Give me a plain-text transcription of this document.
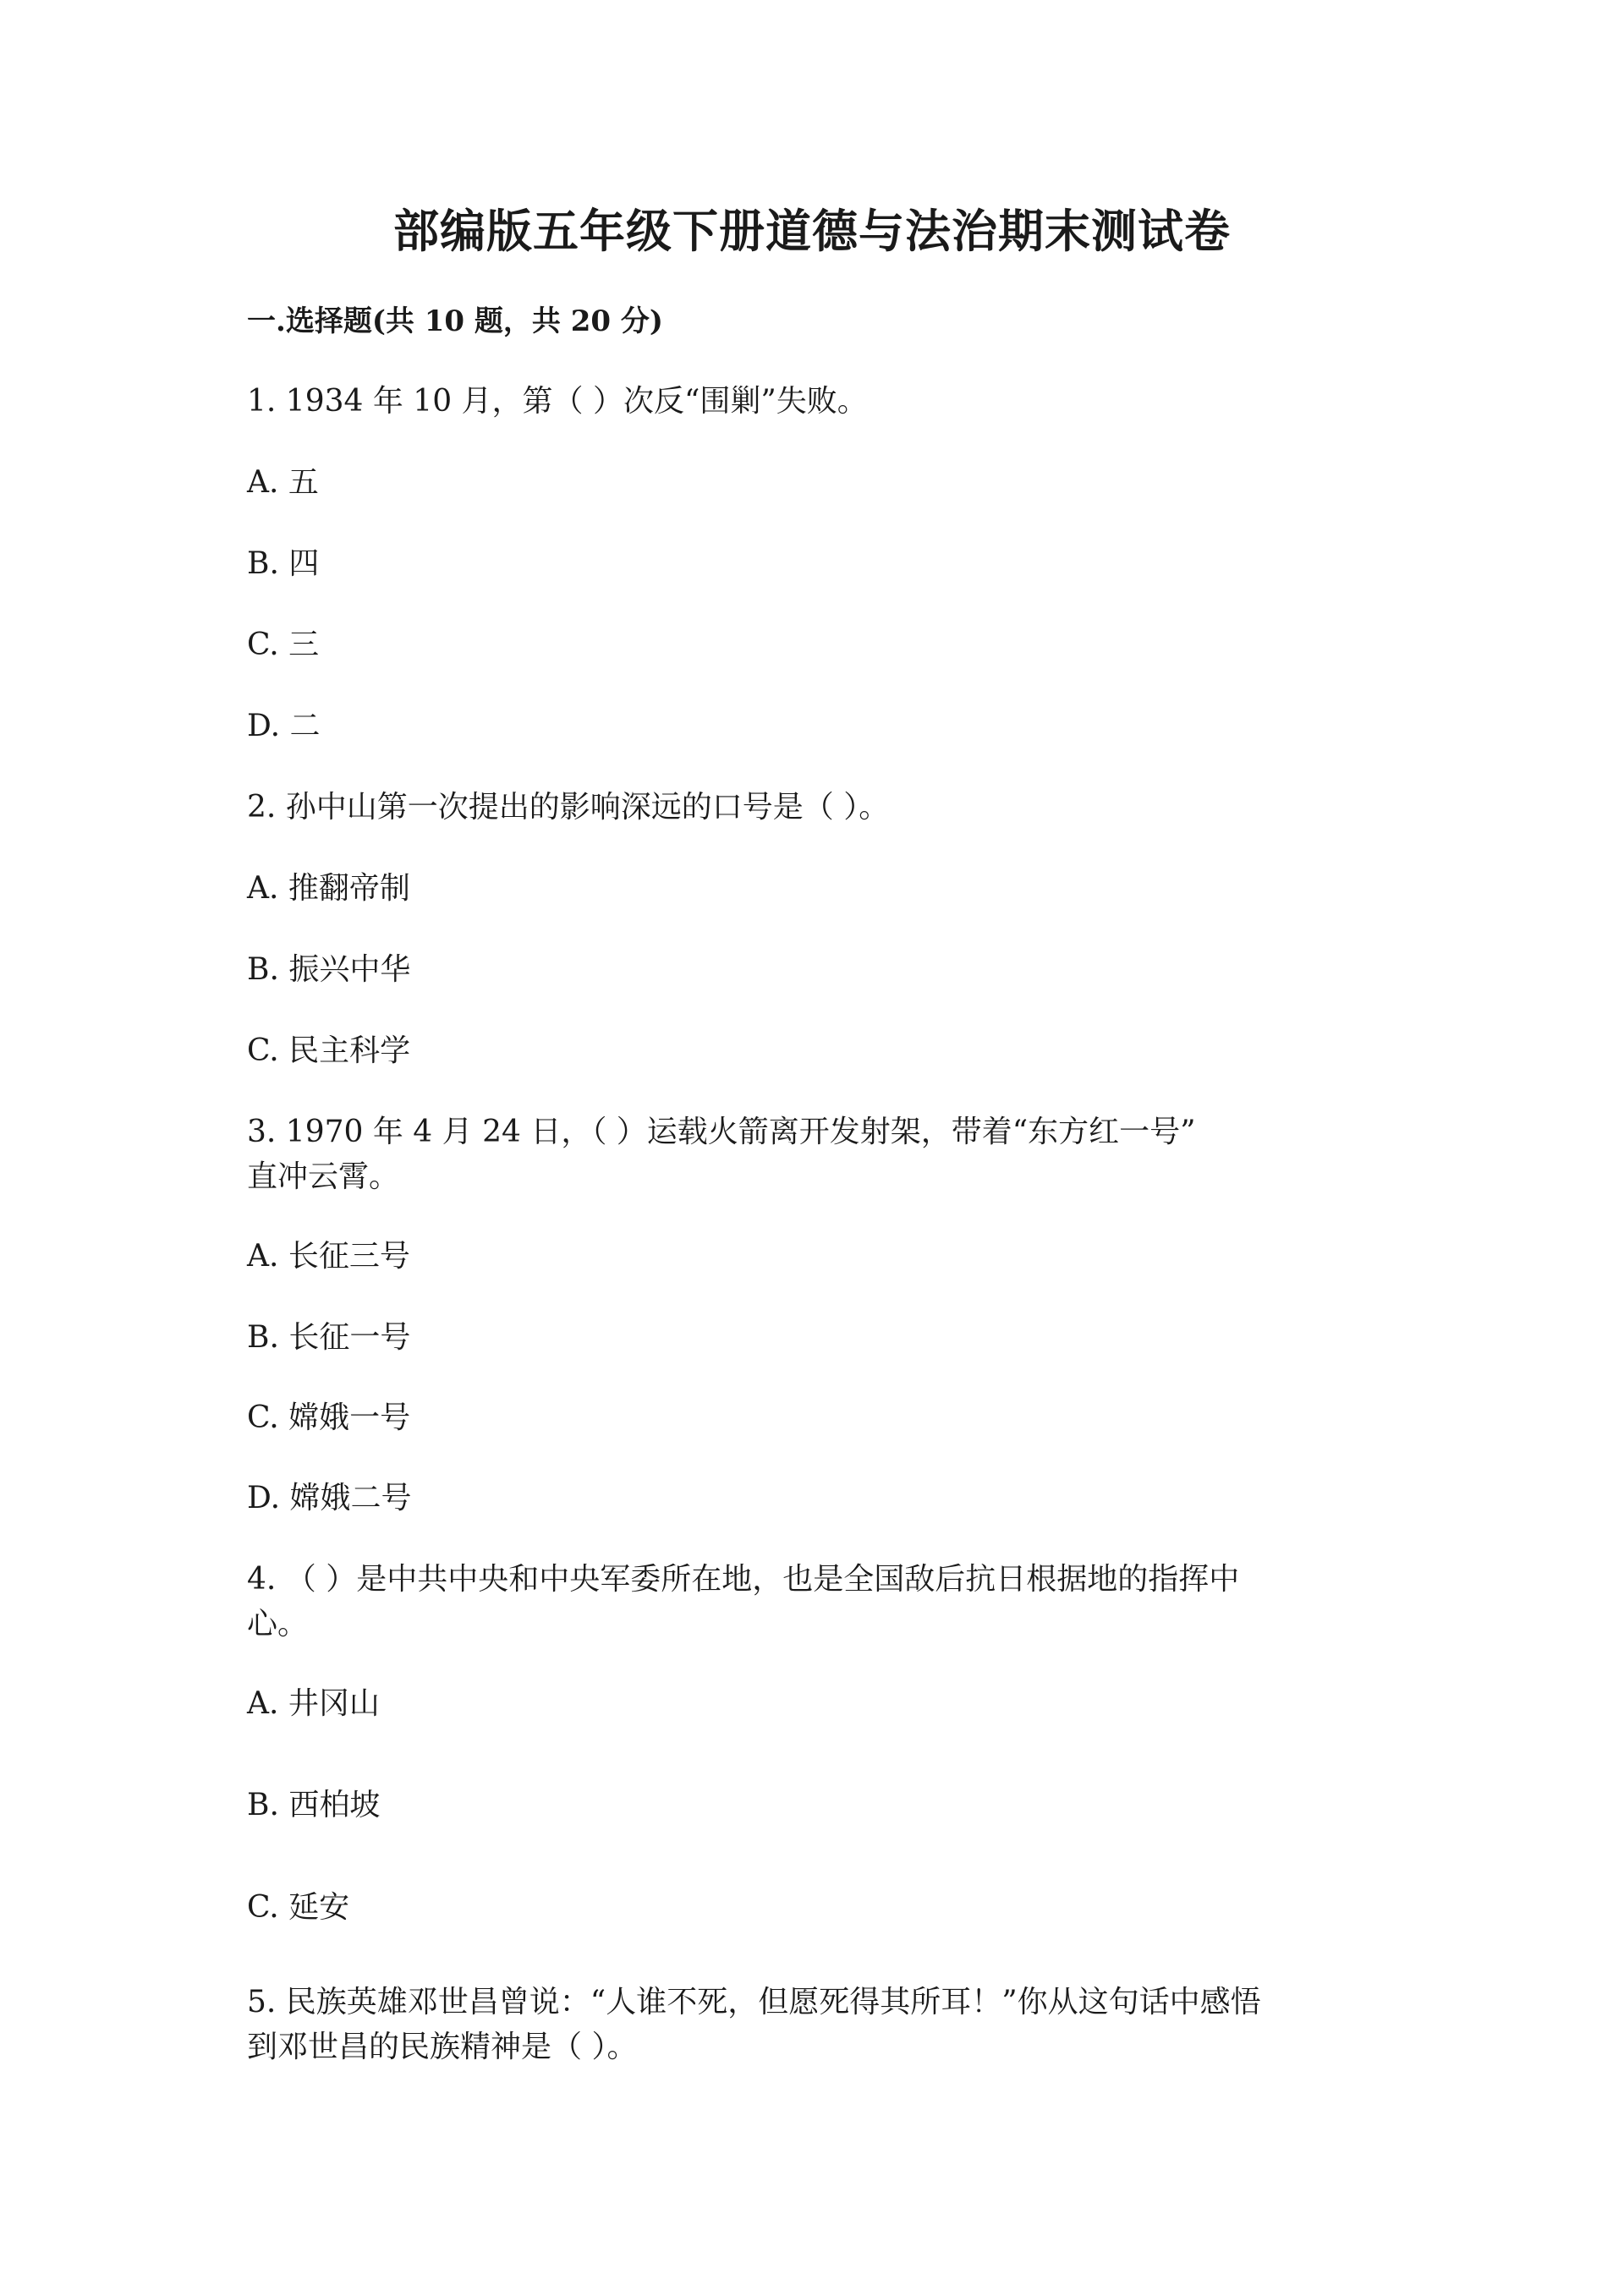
部编版五年级下册道德与法治期末测试卷
一.选择题(共 10 题，共 20 分)
1. 1934 年 10 月，第（ ）次反“围剿”失败。
A. 五
B. 四
C. 三
D. 二
2. 孙中山第一次提出的影响深远的口号是（ ）。
A. 推翻帝制
B. 振兴中华
C. 民主科学
3. 1970 年 4 月 24 日，（ ）运载火箭离开发射架，带着“东方红一号”
直冲云霄。
A. 长征三号
B. 长征一号
C. 嫦娥一号
D. 嫦娥二号
4. （ ）是中共中央和中央军委所在地，也是全国敌后抗日根据地的指挥中
心。
A. 井冈山
B. 西柏坡
C. 延安
5. 民族英雄邓世昌曾说：“人谁不死，但愿死得其所耳！”你从这句话中感悟
到邓世昌的民族精神是（ ）。
